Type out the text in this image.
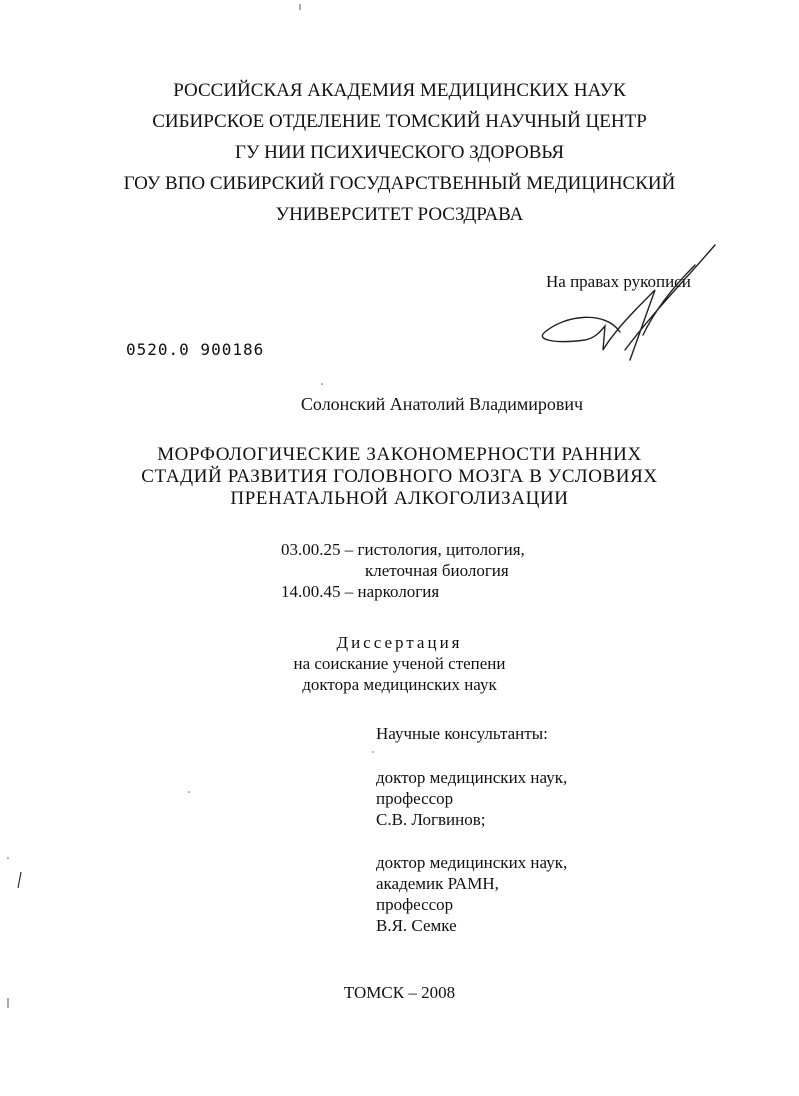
РОССИЙСКАЯ АКАДЕМИЯ МЕДИЦИНСКИХ НАУК
СИБИРСКОЕ ОТДЕЛЕНИЕ ТОМСКИЙ НАУЧНЫЙ ЦЕНТР
ГУ НИИ ПСИХИЧЕСКОГО ЗДОРОВЬЯ
ГОУ ВПО СИБИРСКИЙ ГОСУДАРСТВЕННЫЙ МЕДИЦИНСКИЙ
УНИВЕРСИТЕТ РОСЗДРАВА
На правах рукописи
0520.0 900186
Солонский Анатолий Владимирович
МОРФОЛОГИЧЕСКИЕ ЗАКОНОМЕРНОСТИ РАННИХ
СТАДИЙ РАЗВИТИЯ ГОЛОВНОГО МОЗГА В УСЛОВИЯХ
ПРЕНАТАЛЬНОЙ АЛКОГОЛИЗАЦИИ
03.00.25 – гистология, цитология,
клеточная биология
14.00.45 – наркология
Диссертация
на соискание ученой степени
доктора медицинских наук
Научные консультанты:
доктор медицинских наук,
профессор
С.В. Логвинов;
доктор медицинских наук,
академик РАМН,
профессор
В.Я. Семке
ТОМСК – 2008
